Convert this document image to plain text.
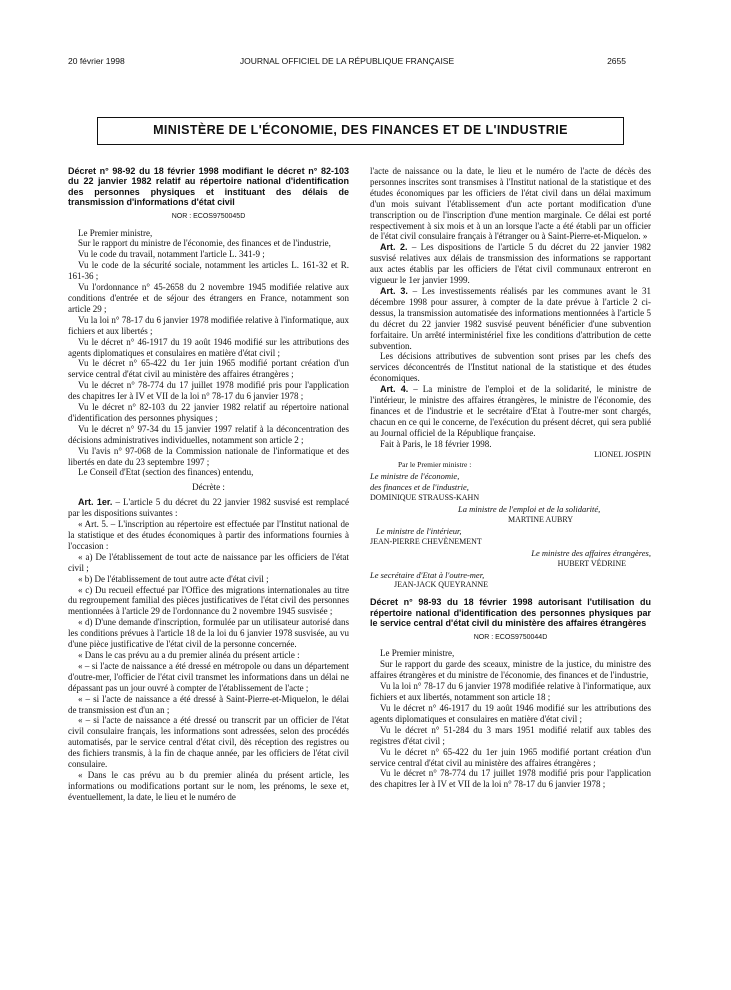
20 février 1998	JOURNAL OFFICIEL DE LA RÉPUBLIQUE FRANÇAISE	2655
MINISTÈRE DE L'ÉCONOMIE, DES FINANCES ET DE L'INDUSTRIE

Décret n° 98-92 du 18 février 1998 modifiant le décret n° 82-103 du 22 janvier 1982 relatif au répertoire national d'identification des personnes physiques et instituant des délais de transmission d'informations d'état civil

NOR : ECOS9750045D

Le Premier ministre,

Sur le rapport du ministre de l'économie, des finances et de l'industrie,

Vu le code du travail, notamment l'article L. 341-9 ;

Vu le code de la sécurité sociale, notamment les articles L. 161-32 et R. 161-36 ;

Vu l'ordonnance n° 45-2658 du 2 novembre 1945 modifiée relative aux conditions d'entrée et de séjour des étrangers en France, notamment son article 29 ;

Vu la loi n° 78-17 du 6 janvier 1978 modifiée relative à l'informatique, aux fichiers et aux libertés ;

Vu le décret n° 46-1917 du 19 août 1946 modifié sur les attributions des agents diplomatiques et consulaires en matière d'état civil ;

Vu le décret n° 65-422 du 1er juin 1965 modifié portant création d'un service central d'état civil au ministère des affaires étrangères ;

Vu le décret n° 78-774 du 17 juillet 1978 modifié pris pour l'application des chapitres Ier à IV et VII de la loi n° 78-17 du 6 janvier 1978 ;

Vu le décret n° 82-103 du 22 janvier 1982 relatif au répertoire national d'identification des personnes physiques ;

Vu le décret n° 97-34 du 15 janvier 1997 relatif à la déconcentration des décisions administratives individuelles, notamment son article 2 ;

Vu l'avis n° 97-068 de la Commission nationale de l'informatique et des libertés en date du 23 septembre 1997 ;

Le Conseil d'Etat (section des finances) entendu,

Décrète :

Art. 1er. – L'article 5 du décret du 22 janvier 1982 susvisé est remplacé par les dispositions suivantes :

« Art. 5. – L'inscription au répertoire est effectuée par l'Institut national de la statistique et des études économiques à partir des informations fournies à l'occasion :

« a) De l'établissement de tout acte de naissance par les officiers de l'état civil ;

« b) De l'établissement de tout autre acte d'état civil ;

« c) Du recueil effectué par l'Office des migrations internationales au titre du regroupement familial des pièces justificatives de l'état civil des personnes mentionnées à l'article 29 de l'ordonnance du 2 novembre 1945 susvisée ;

« d) D'une demande d'inscription, formulée par un utilisateur autorisé dans les conditions prévues à l'article 18 de la loi du 6 janvier 1978 susvisée, au vu d'une pièce justificative de l'état civil de la personne concernée.

« Dans le cas prévu au a du premier alinéa du présent article :

« – si l'acte de naissance a été dressé en métropole ou dans un département d'outre-mer, l'officier de l'état civil transmet les informations dans un délai ne dépassant pas un jour ouvré à compter de l'établissement de l'acte ;

« – si l'acte de naissance a été dressé à Saint-Pierre-et-Miquelon, le délai de transmission est d'un an ;

« – si l'acte de naissance a été dressé ou transcrit par un officier de l'état civil consulaire français, les informations sont adressées, selon des procédés automatisés, par le service central d'état civil, dès réception des registres ou des fichiers transmis, à la fin de chaque année, par les officiers de l'état civil consulaire.

« Dans le cas prévu au b du premier alinéa du présent article, les informations ou modifications portant sur le nom, les prénoms, le sexe et, éventuellement, la date, le lieu et le numéro de

l'acte de naissance ou la date, le lieu et le numéro de l'acte de décès des personnes inscrites sont transmises à l'Institut national de la statistique et des études économiques par les officiers de l'état civil dans un délai maximum d'un mois suivant l'établissement d'un acte portant modification d'une transcription ou de l'inscription d'une mention marginale. Ce délai est porté respectivement à six mois et à un an lorsque l'acte a été établi par un officier de l'état civil consulaire français à l'étranger ou à Saint-Pierre-et-Miquelon. »

Art. 2. – Les dispositions de l'article 5 du décret du 22 janvier 1982 susvisé relatives aux délais de transmission des informations se rapportant aux actes établis par les officiers de l'état civil communaux entreront en vigueur le 1er janvier 1999.

Art. 3. – Les investissements réalisés par les communes avant le 31 décembre 1998 pour assurer, à compter de la date prévue à l'article 2 ci-dessus, la transmission automatisée des informations mentionnées à l'article 5 du décret du 22 janvier 1982 susvisé peuvent bénéficier d'une subvention forfaitaire. Un arrêté interministériel fixe les conditions d'attribution de cette subvention.

Les décisions attributives de subvention sont prises par les chefs des services déconcentrés de l'Institut national de la statistique et des études économiques.

Art. 4. – La ministre de l'emploi et de la solidarité, le ministre de l'intérieur, le ministre des affaires étrangères, le ministre de l'économie, des finances et de l'industrie et le secrétaire d'Etat à l'outre-mer sont chargés, chacun en ce qui le concerne, de l'exécution du présent décret, qui sera publié au Journal officiel de la République française.

Fait à Paris, le 18 février 1998.

LIONEL JOSPIN

Par le Premier ministre :

Le ministre de l'économie,

des finances et de l'industrie,

DOMINIQUE STRAUSS-KAHN

La ministre de l'emploi et de la solidarité,

MARTINE AUBRY

Le ministre de l'intérieur,

JEAN-PIERRE CHEVÈNEMENT

Le ministre des affaires étrangères,

HUBERT VÉDRINE

Le secrétaire d'Etat à l'outre-mer,

JEAN-JACK QUEYRANNE

Décret n° 98-93 du 18 février 1998 autorisant l'utilisation du répertoire national d'identification des personnes physiques par le service central d'état civil du ministère des affaires étrangères

NOR : ECOS9750044D

Le Premier ministre,

Sur le rapport du garde des sceaux, ministre de la justice, du ministre des affaires étrangères et du ministre de l'économie, des finances et de l'industrie,

Vu la loi n° 78-17 du 6 janvier 1978 modifiée relative à l'informatique, aux fichiers et aux libertés, notamment son article 18 ;

Vu le décret n° 46-1917 du 19 août 1946 modifié sur les attributions des agents diplomatiques et consulaires en matière d'état civil ;

Vu le décret n° 51-284 du 3 mars 1951 modifié relatif aux tables des registres d'état civil ;

Vu le décret n° 65-422 du 1er juin 1965 modifié portant création d'un service central d'état civil au ministère des affaires étrangères ;

Vu le décret n° 78-774 du 17 juillet 1978 modifié pris pour l'application des chapitres Ier à IV et VII de la loi n° 78-17 du 6 janvier 1978 ;
